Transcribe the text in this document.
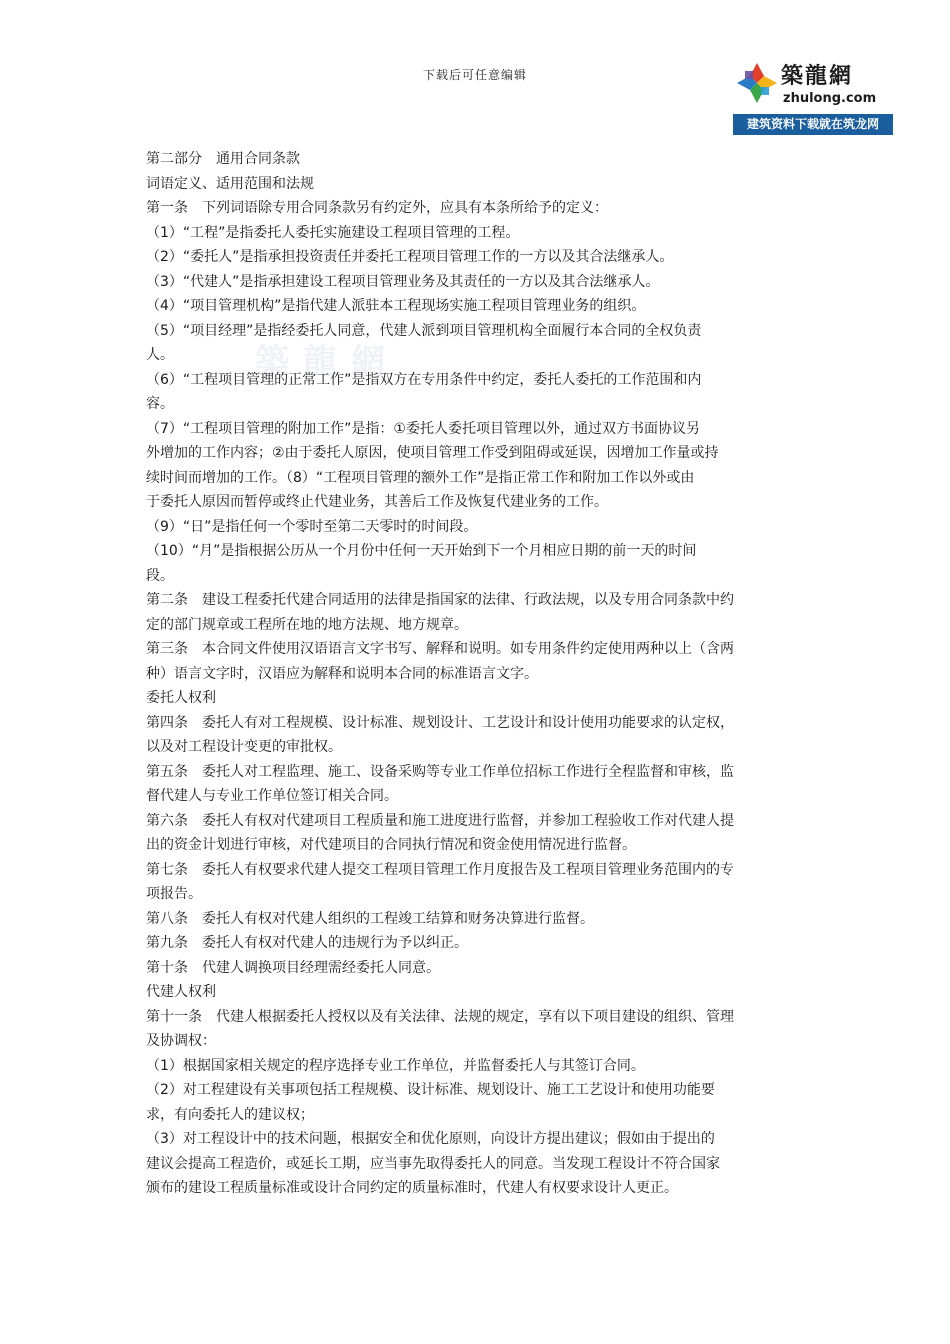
下载后可任意编辑	築龍網
zhulong.com
建筑资料下载就在筑龙网
築龍網
第二部分　通用合同条款
词语定义、适用范围和法规
第一条　下列词语除专用合同条款另有约定外，应具有本条所给予的定义：
（1）“工程”是指委托人委托实施建设工程项目管理的工程。
（2）“委托人”是指承担投资责任并委托工程项目管理工作的一方以及其合法继承人。
（3）“代建人”是指承担建设工程项目管理业务及其责任的一方以及其合法继承人。
（4）“项目管理机构”是指代建人派驻本工程现场实施工程项目管理业务的组织。
（5）“项目经理”是指经委托人同意，代建人派到项目管理机构全面履行本合同的全权负责
人。
（6）“工程项目管理的正常工作”是指双方在专用条件中约定，委托人委托的工作范围和内
容。
（7）“工程项目管理的附加工作”是指：①委托人委托项目管理以外，通过双方书面协议另
外增加的工作内容；②由于委托人原因，使项目管理工作受到阻碍或延误，因增加工作量或持
续时间而增加的工作。（8）“工程项目管理的额外工作”是指正常工作和附加工作以外或由
于委托人原因而暂停或终止代建业务，其善后工作及恢复代建业务的工作。
（9）“日”是指任何一个零时至第二天零时的时间段。
（10）“月”是指根据公历从一个月份中任何一天开始到下一个月相应日期的前一天的时间
段。
第二条　建设工程委托代建合同适用的法律是指国家的法律、行政法规，以及专用合同条款中约
定的部门规章或工程所在地的地方法规、地方规章。
第三条　本合同文件使用汉语语言文字书写、解释和说明。如专用条件约定使用两种以上（含两
种）语言文字时，汉语应为解释和说明本合同的标准语言文字。
委托人权利
第四条　委托人有对工程规模、设计标准、规划设计、工艺设计和设计使用功能要求的认定权，
以及对工程设计变更的审批权。
第五条　委托人对工程监理、施工、设备采购等专业工作单位招标工作进行全程监督和审核，监
督代建人与专业工作单位签订相关合同。
第六条　委托人有权对代建项目工程质量和施工进度进行监督，并参加工程验收工作对代建人提
出的资金计划进行审核，对代建项目的合同执行情况和资金使用情况进行监督。
第七条　委托人有权要求代建人提交工程项目管理工作月度报告及工程项目管理业务范围内的专
项报告。
第八条　委托人有权对代建人组织的工程竣工结算和财务决算进行监督。
第九条　委托人有权对代建人的违规行为予以纠正。
第十条　代建人调换项目经理需经委托人同意。
代建人权利
第十一条　代建人根据委托人授权以及有关法律、法规的规定，享有以下项目建设的组织、管理
及协调权：
（1）根据国家相关规定的程序选择专业工作单位，并监督委托人与其签订合同。
（2）对工程建设有关事项包括工程规模、设计标准、规划设计、施工工艺设计和使用功能要
求，有向委托人的建议权；
（3）对工程设计中的技术问题，根据安全和优化原则，向设计方提出建议；假如由于提出的
建议会提高工程造价，或延长工期，应当事先取得委托人的同意。当发现工程设计不符合国家
颁布的建设工程质量标准或设计合同约定的质量标准时，代建人有权要求设计人更正。
